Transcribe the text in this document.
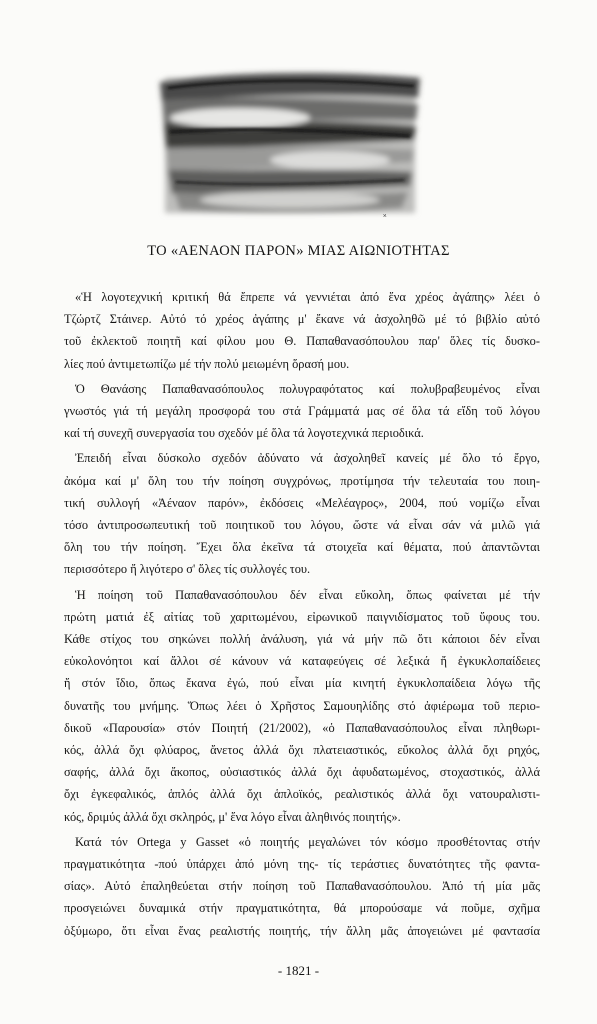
ϰ
ΤΟ «ΑΕΝΑΟΝ ΠΑΡΟΝ» ΜΙΑΣ ΑΙΩΝΙΟΤΗΤΑΣ
«Ἡ λογοτεχνική κριτική θά ἔπρεπε νά γεννιέται ἀπό ἕνα χρέος ἀγάπης» λέει ὁ
Τζώρτζ Στάινερ. Αὐτό τό χρέος ἀγάπης μ' ἔκανε νά ἀσχοληθῶ μέ τό βιβλίο αὐτό
τοῦ ἐκλεκτοῦ ποιητῆ καί φίλου μου Θ. Παπαθανασόπουλου παρ' ὅλες τίς δυσκο-
λίες πού ἀντιμετωπίζω μέ τήν πολύ μειωμένη ὅρασή μου.
Ὁ Θανάσης Παπαθανασόπουλος πολυγραφότατος καί πολυβραβευμένος εἶναι
γνωστός γιά τή μεγάλη προσφορά του στά Γράμματά μας σέ ὅλα τά εἴδη τοῦ λόγου
καί τή συνεχῆ συνεργασία του σχεδόν μέ ὅλα τά λογοτεχνικά περιοδικά.
Ἐπειδή εἶναι δύσκολο σχεδόν ἀδύνατο νά ἀσχοληθεῖ κανείς μέ ὅλο τό ἔργο,
ἀκόμα καί μ' ὅλη του τήν ποίηση συγχρόνως, προτίμησα τήν τελευταία του ποιη-
τική συλλογή «Ἀέναον παρόν», ἐκδόσεις «Μελέαγρος», 2004, πού νομίζω εἶναι
τόσο ἀντιπροσωπευτική τοῦ ποιητικοῦ του λόγου, ὥστε νά εἶναι σάν νά μιλῶ γιά
ὅλη του τήν ποίηση. Ἔχει ὅλα ἐκεῖνα τά στοιχεῖα καί θέματα, πού ἀπαντῶνται
περισσότερο ἤ λιγότερο σ' ὅλες τίς συλλογές του.
Ἡ ποίηση τοῦ Παπαθανασόπουλου δέν εἶναι εὔκολη, ὅπως φαίνεται μέ τήν
πρώτη ματιά ἐξ αἰτίας τοῦ χαριτωμένου, εἰρωνικοῦ παιγνιδίσματος τοῦ ὕφους του.
Κάθε στίχος του σηκώνει πολλή ἀνάλυση, γιά νά μήν πῶ ὅτι κάποιοι δέν εἶναι
εὐκολονόητοι καί ἄλλοι σέ κάνουν νά καταφεύγεις σέ λεξικά ἤ ἐγκυκλοπαίδειες
ἤ στόν ἴδιο, ὅπως ἔκανα ἐγώ, πού εἶναι μία κινητή ἐγκυκλοπαίδεια λόγω τῆς
δυνατῆς του μνήμης. Ὅπως λέει ὁ Χρῆστος Σαμουηλίδης στό ἀφιέρωμα τοῦ περιο-
δικοῦ «Παρουσία» στόν Ποιητή (21/2002), «ὁ Παπαθανασόπουλος εἶναι πληθωρι-
κός, ἀλλά ὄχι φλύαρος, ἄνετος ἀλλά ὄχι πλατειαστικός, εὔκολος ἀλλά ὄχι ρηχός,
σαφής, ἀλλά ὄχι ἄκοπος, οὐσιαστικός ἀλλά ὄχι ἀφυδατωμένος, στοχαστικός, ἀλλά
ὄχι ἐγκεφαλικός, ἁπλός ἀλλά ὄχι ἁπλοϊκός, ρεαλιστικός ἀλλά ὄχι νατουραλιστι-
κός, δριμύς ἀλλά ὄχι σκληρός, μ' ἕνα λόγο εἶναι ἀληθινός ποιητής».
Κατά τόν Ortega y Gasset «ὁ ποιητής μεγαλώνει τόν κόσμο προσθέτοντας στήν
πραγματικότητα -πού ὑπάρχει ἀπό μόνη της- τίς τεράστιες δυνατότητες τῆς φαντα-
σίας». Αὐτό ἐπαληθεύεται στήν ποίηση τοῦ Παπαθανασόπουλου. Ἀπό τή μία μᾶς
προσγειώνει δυναμικά στήν πραγματικότητα, θά μπορούσαμε νά ποῦμε, σχῆμα
ὀξύμωρο, ὅτι εἶναι ἕνας ρεαλιστής ποιητής, τήν ἄλλη μᾶς ἀπογειώνει μέ φαντασία
- 1821 -
